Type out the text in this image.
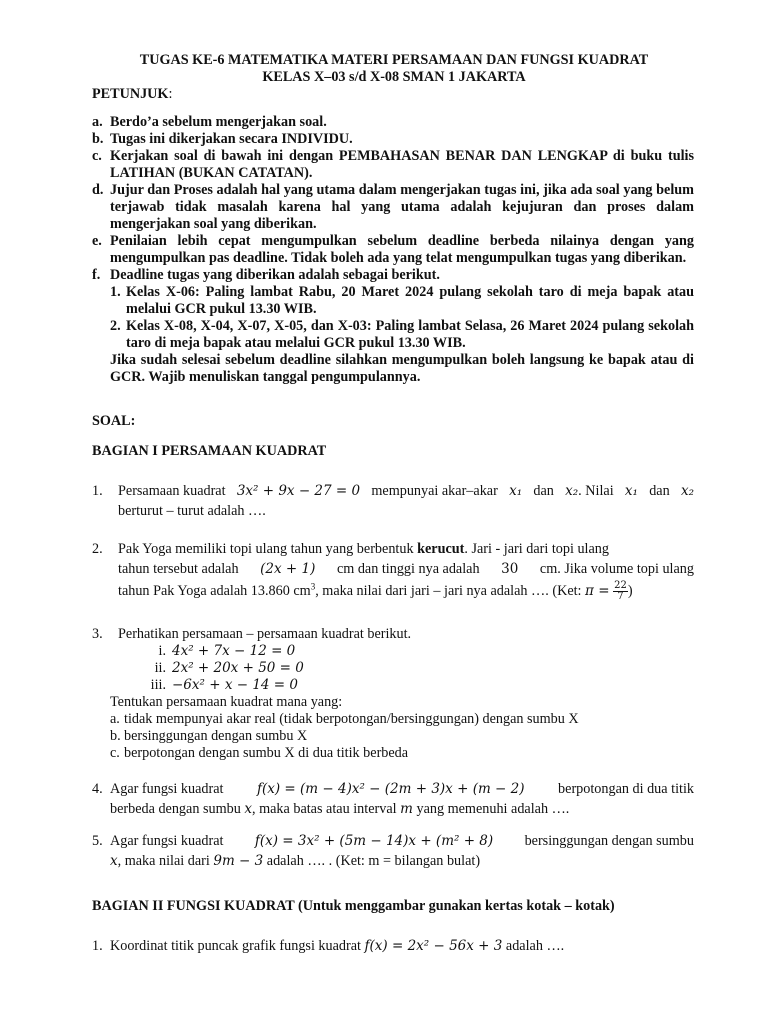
TUGAS KE-6 MATEMATIKA MATERI PERSAMAAN DAN FUNGSI KUADRAT
KELAS X–03 s/d X-08 SMAN 1 JAKARTA
PETUNJUK:
a. Berdo’a sebelum mengerjakan soal.
b. Tugas ini dikerjakan secara INDIVIDU.
c. Kerjakan soal di bawah ini dengan PEMBAHASAN BENAR DAN LENGKAP di buku tulis LATIHAN (BUKAN CATATAN).
d. Jujur dan Proses adalah hal yang utama dalam mengerjakan tugas ini, jika ada soal yang belum terjawab tidak masalah karena hal yang utama adalah kejujuran dan proses dalam mengerjakan soal yang diberikan.
e. Penilaian lebih cepat mengumpulkan sebelum deadline berbeda nilainya dengan yang mengumpulkan pas deadline. Tidak boleh ada yang telat mengumpulkan tugas yang diberikan.
f. Deadline tugas yang diberikan adalah sebagai berikut.
1. Kelas X-06: Paling lambat Rabu, 20 Maret 2024 pulang sekolah taro di meja bapak atau melalui GCR pukul 13.30 WIB.
2. Kelas X-08, X-04, X-07, X-05, dan X-03: Paling lambat Selasa, 26 Maret 2024 pulang sekolah taro di meja bapak atau melalui GCR pukul 13.30 WIB.
Jika sudah selesai sebelum deadline silahkan mengumpulkan boleh langsung ke bapak atau di GCR. Wajib menuliskan tanggal pengumpulannya.
SOAL:
BAGIAN I PERSAMAAN KUADRAT
1. Persamaan kuadrat 3x² + 9x − 27 = 0 mempunyai akar–akar x₁ dan x₂. Nilai x₁ dan x₂
berturut – turut adalah ….
2. Pak Yoga memiliki topi ulang tahun yang berbentuk kerucut. Jari - jari dari topi ulang
tahun tersebut adalah (2x + 1) cm dan tinggi nya adalah 30 cm. Jika volume topi ulang
tahun Pak Yoga adalah 13.860 $cm^3$, maka nilai dari jari – jari nya adalah …. (Ket: $\pi = \frac{22}{7}$ )
3. Perhatikan persamaan – persamaan kuadrat berikut.
i. 4x² + 7x − 12 = 0
ii. 2x² + 20x + 50 = 0
iii. −6x² + x − 14 = 0
Tentukan persamaan kuadrat mana yang:
a. tidak mempunyai akar real (tidak berpotongan/bersinggungan) dengan sumbu X
b. bersinggungan dengan sumbu X
c. berpotongan dengan sumbu X di dua titik berbeda
4. Agar fungsi kuadrat f(x) = (m − 4)x² − (2m + 3)x + (m − 2) berpotongan di dua titik
berbeda dengan sumbu x, maka batas atau interval m yang memenuhi adalah ….
5. Agar fungsi kuadrat f(x) = 3x² + (5m − 14)x + (m² + 8) bersinggungan dengan sumbu
x, maka nilai dari 9m − 3 adalah …. . (Ket: m = bilangan bulat)
BAGIAN II FUNGSI KUADRAT (Untuk menggambar gunakan kertas kotak – kotak)
1. Koordinat titik puncak grafik fungsi kuadrat f(x) = 2x² − 56x + 3 adalah ….
